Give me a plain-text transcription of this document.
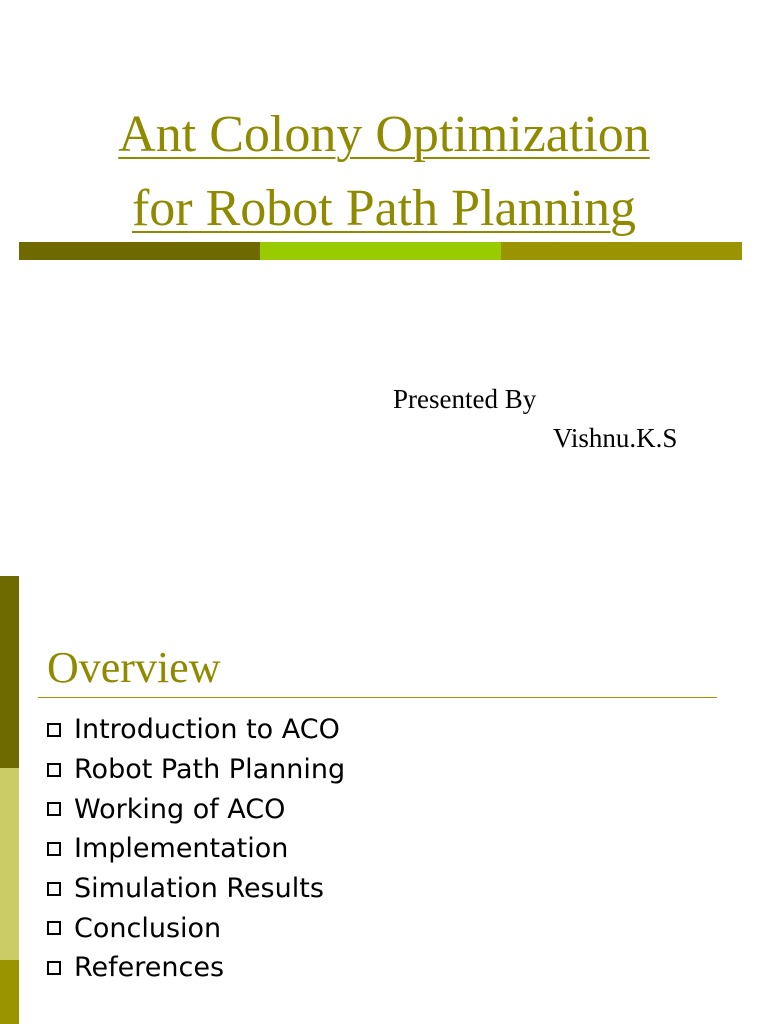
Ant Colony Optimization
for Robot Path Planning

Presented By

Vishnu.K.S

Overview
Introduction to ACO
Robot Path Planning
Working of ACO
Implementation
Simulation Results
Conclusion
References
